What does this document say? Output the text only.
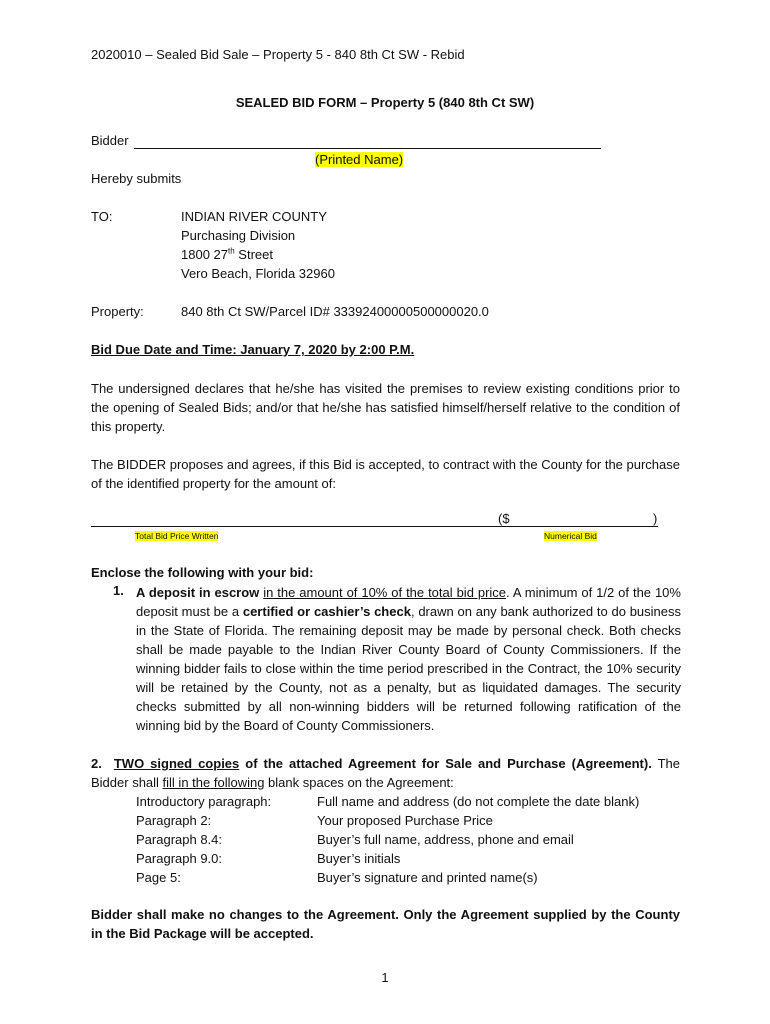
2020010 – Sealed Bid Sale – Property 5 - 840 8th Ct SW - Rebid
SEALED BID FORM – Property 5 (840 8th Ct SW)
Bidder
(Printed Name)
Hereby submits
TO:	INDIAN RIVER COUNTY
Purchasing Division
1800 27th Street
Vero Beach, Florida 32960
Property:	840 8th Ct SW/Parcel ID# 33392400000500000020.0
Bid Due Date and Time: January 7, 2020 by 2:00 P.M.
The undersigned declares that he/she has visited the premises to review existing conditions prior to the opening of Sealed Bids; and/or that he/she has satisfied himself/herself relative to the condition of this property.
The BIDDER proposes and agrees, if this Bid is accepted, to contract with the County for the purchase of the identified property for the amount of:
($	)
Total Bid Price Written	Numerical Bid
Enclose the following with your bid:
1. A deposit in escrow in the amount of 10% of the total bid price. A minimum of 1/2 of the 10% deposit must be a certified or cashier’s check, drawn on any bank authorized to do business in the State of Florida. The remaining deposit may be made by personal check. Both checks shall be made payable to the Indian River County Board of County Commissioners. If the winning bidder fails to close within the time period prescribed in the Contract, the 10% security will be retained by the County, not as a penalty, but as liquidated damages. The security checks submitted by all non-winning bidders will be returned following ratification of the winning bid by the Board of County Commissioners.
2. TWO signed copies of the attached Agreement for Sale and Purchase (Agreement). The Bidder shall fill in the following blank spaces on the Agreement:
Introductory paragraph:	Full name and address (do not complete the date blank)
Paragraph 2:	Your proposed Purchase Price
Paragraph 8.4:	Buyer’s full name, address, phone and email
Paragraph 9.0:	Buyer’s initials
Page 5:	Buyer’s signature and printed name(s)
Bidder shall make no changes to the Agreement. Only the Agreement supplied by the County in the Bid Package will be accepted.
1
